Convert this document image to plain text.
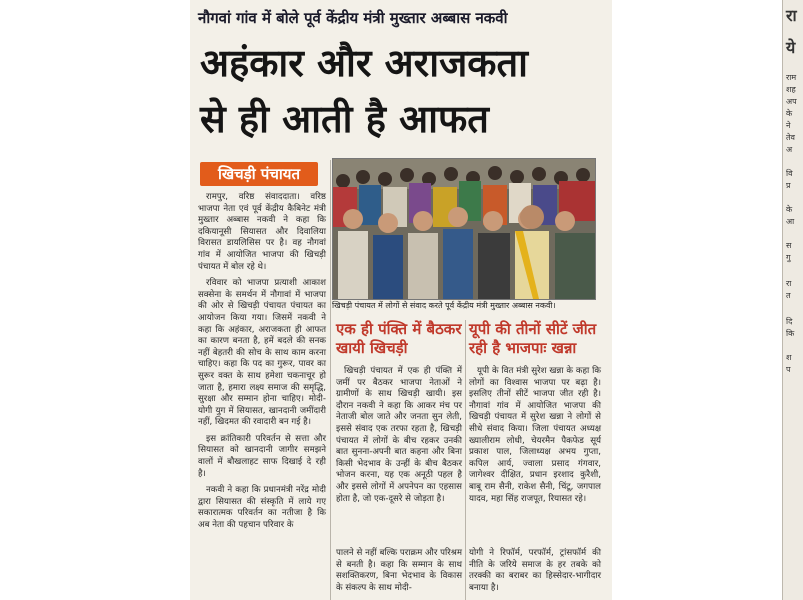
नौगवां गांव में बोले पूर्व केंद्रीय मंत्री मुख्तार अब्बास नकवी
अहंकार और अराजकता
से ही आती है आफत
खिचड़ी पंचायत

रामपुर, वरिष्ठ संवाददाता। वरिष्ठ भाजपा नेता एवं पूर्व केंद्रीय कैबिनेट मंत्री मुख्तार अब्बास नकवी ने कहा कि दकियानूसी सियासत और दिवालिया विरासत डायलिसिस पर है। वह नौगवां गांव में आयोजित भाजपा की खिचड़ी पंचायत में बोल रहे थे।

रविवार को भाजपा प्रत्याशी आकाश सक्सेना के समर्थन में नौगावां में भाजपा की ओर से खिचड़ी पंचायत पंचायत का आयोजन किया गया। जिसमें नकवी ने कहा कि अहंकार, अराजकता ही आफत का कारण बनता है, हमें बदले की सनक नहीं बेहतरी की सोच के साथ काम करना चाहिए। कहा कि पद का गुरूर, पावर का सुरूर वक्त के साथ हमेशा चकनाचूर हो जाता है, हमारा लक्ष्य समाज की समृद्धि, सुरक्षा और सम्मान होना चाहिए। मोदी-योगी युग में सियासत, खानदानी जमींदारी नहीं, खिदमत की रवादारी बन गई है।

इस क्रांतिकारी परिवर्तन से सत्ता और सियासत को खानदानी जागीर समझने वालों में बौखलाहट साफ दिखाई दे रही है।

नकवी ने कहा कि प्रधानमंत्री नरेंद्र मोदी द्वारा सियासत की संस्कृति में लाये गए सकारात्मक परिवर्तन का नतीजा है कि अब नेता की पहचान परिवार के

खिचड़ी पंचायत में लोगों से संवाद करते पूर्व केंद्रीय मंत्री मुख्तार अब्बास नकवी।
एक ही पंक्ति में बैठकर खायी खिचड़ी
यूपी की तीनों सीटें जीत रही है भाजपाः खन्ना

खिचड़ी पंचायत में एक ही पंक्ति में जमीं पर बैठकर भाजपा नेताओं ने ग्रामीणों के साथ खिचड़ी खायी। इस दौरान नकवी ने कहा कि आकर मंच पर नेताजी बोल जाते और जनता सुन लेती, इससे संवाद एक तरफा रहता है, खिचड़ी पंचायत में लोगों के बीच रहकर उनकी बात सुनना-अपनी बात कहना और बिना किसी भेदभाव के उन्हीं के बीच बैठकर भोजन करना, यह एक अनूठी पहल है और इससे लोगों में अपनेपन का एहसास होता है, जो एक-दूसरे से जोड़ता है।

यूपी के वित मंत्री सुरेश खन्ना के कहा कि लोगों का विश्वास भाजपा पर बढ़ा है। इसलिए तीनों सीटें भाजपा जीत रही है। नौगावां गांव में आयोजित भाजपा की खिचड़ी पंचायत में सुरेश खन्ना ने लोगों से सीधे संवाद किया। जिला पंचायत अध्यक्ष ख्यालीराम लोधी, चेयरमैन पैकफेड सूर्य प्रकाश पाल, जिलाध्यक्ष अभय गुप्ता, कपिल आर्य, ज्वाला प्रसाद गंगवार, जागेश्वर दीक्षित, प्रधान इरशाद कुरैशी, बाबू राम सैनी, राकेश सैनी, चिंटू, जगपाल यादव, महा सिंह राजपूत, रियासत रहे।

पालने से नहीं बल्कि पराक्रम और परिश्रम से बनती है। कहा कि सम्मान के साथ सशक्तिकरण, बिना भेदभाव के विकास के संकल्प के साथ मोदी-

योगी ने रिफॉर्म, परफॉर्म, ट्रांसफॉर्म की नीति के जरिये समाज के हर तबके को तरक्की का बराबर का हिस्सेदार-भागीदार बनाया है।

रा
ये
राम
शह
अप
के
ने
तेव
अ
वि
प्र
के
आ
स
गु
रा
त
दि
कि
श
प
